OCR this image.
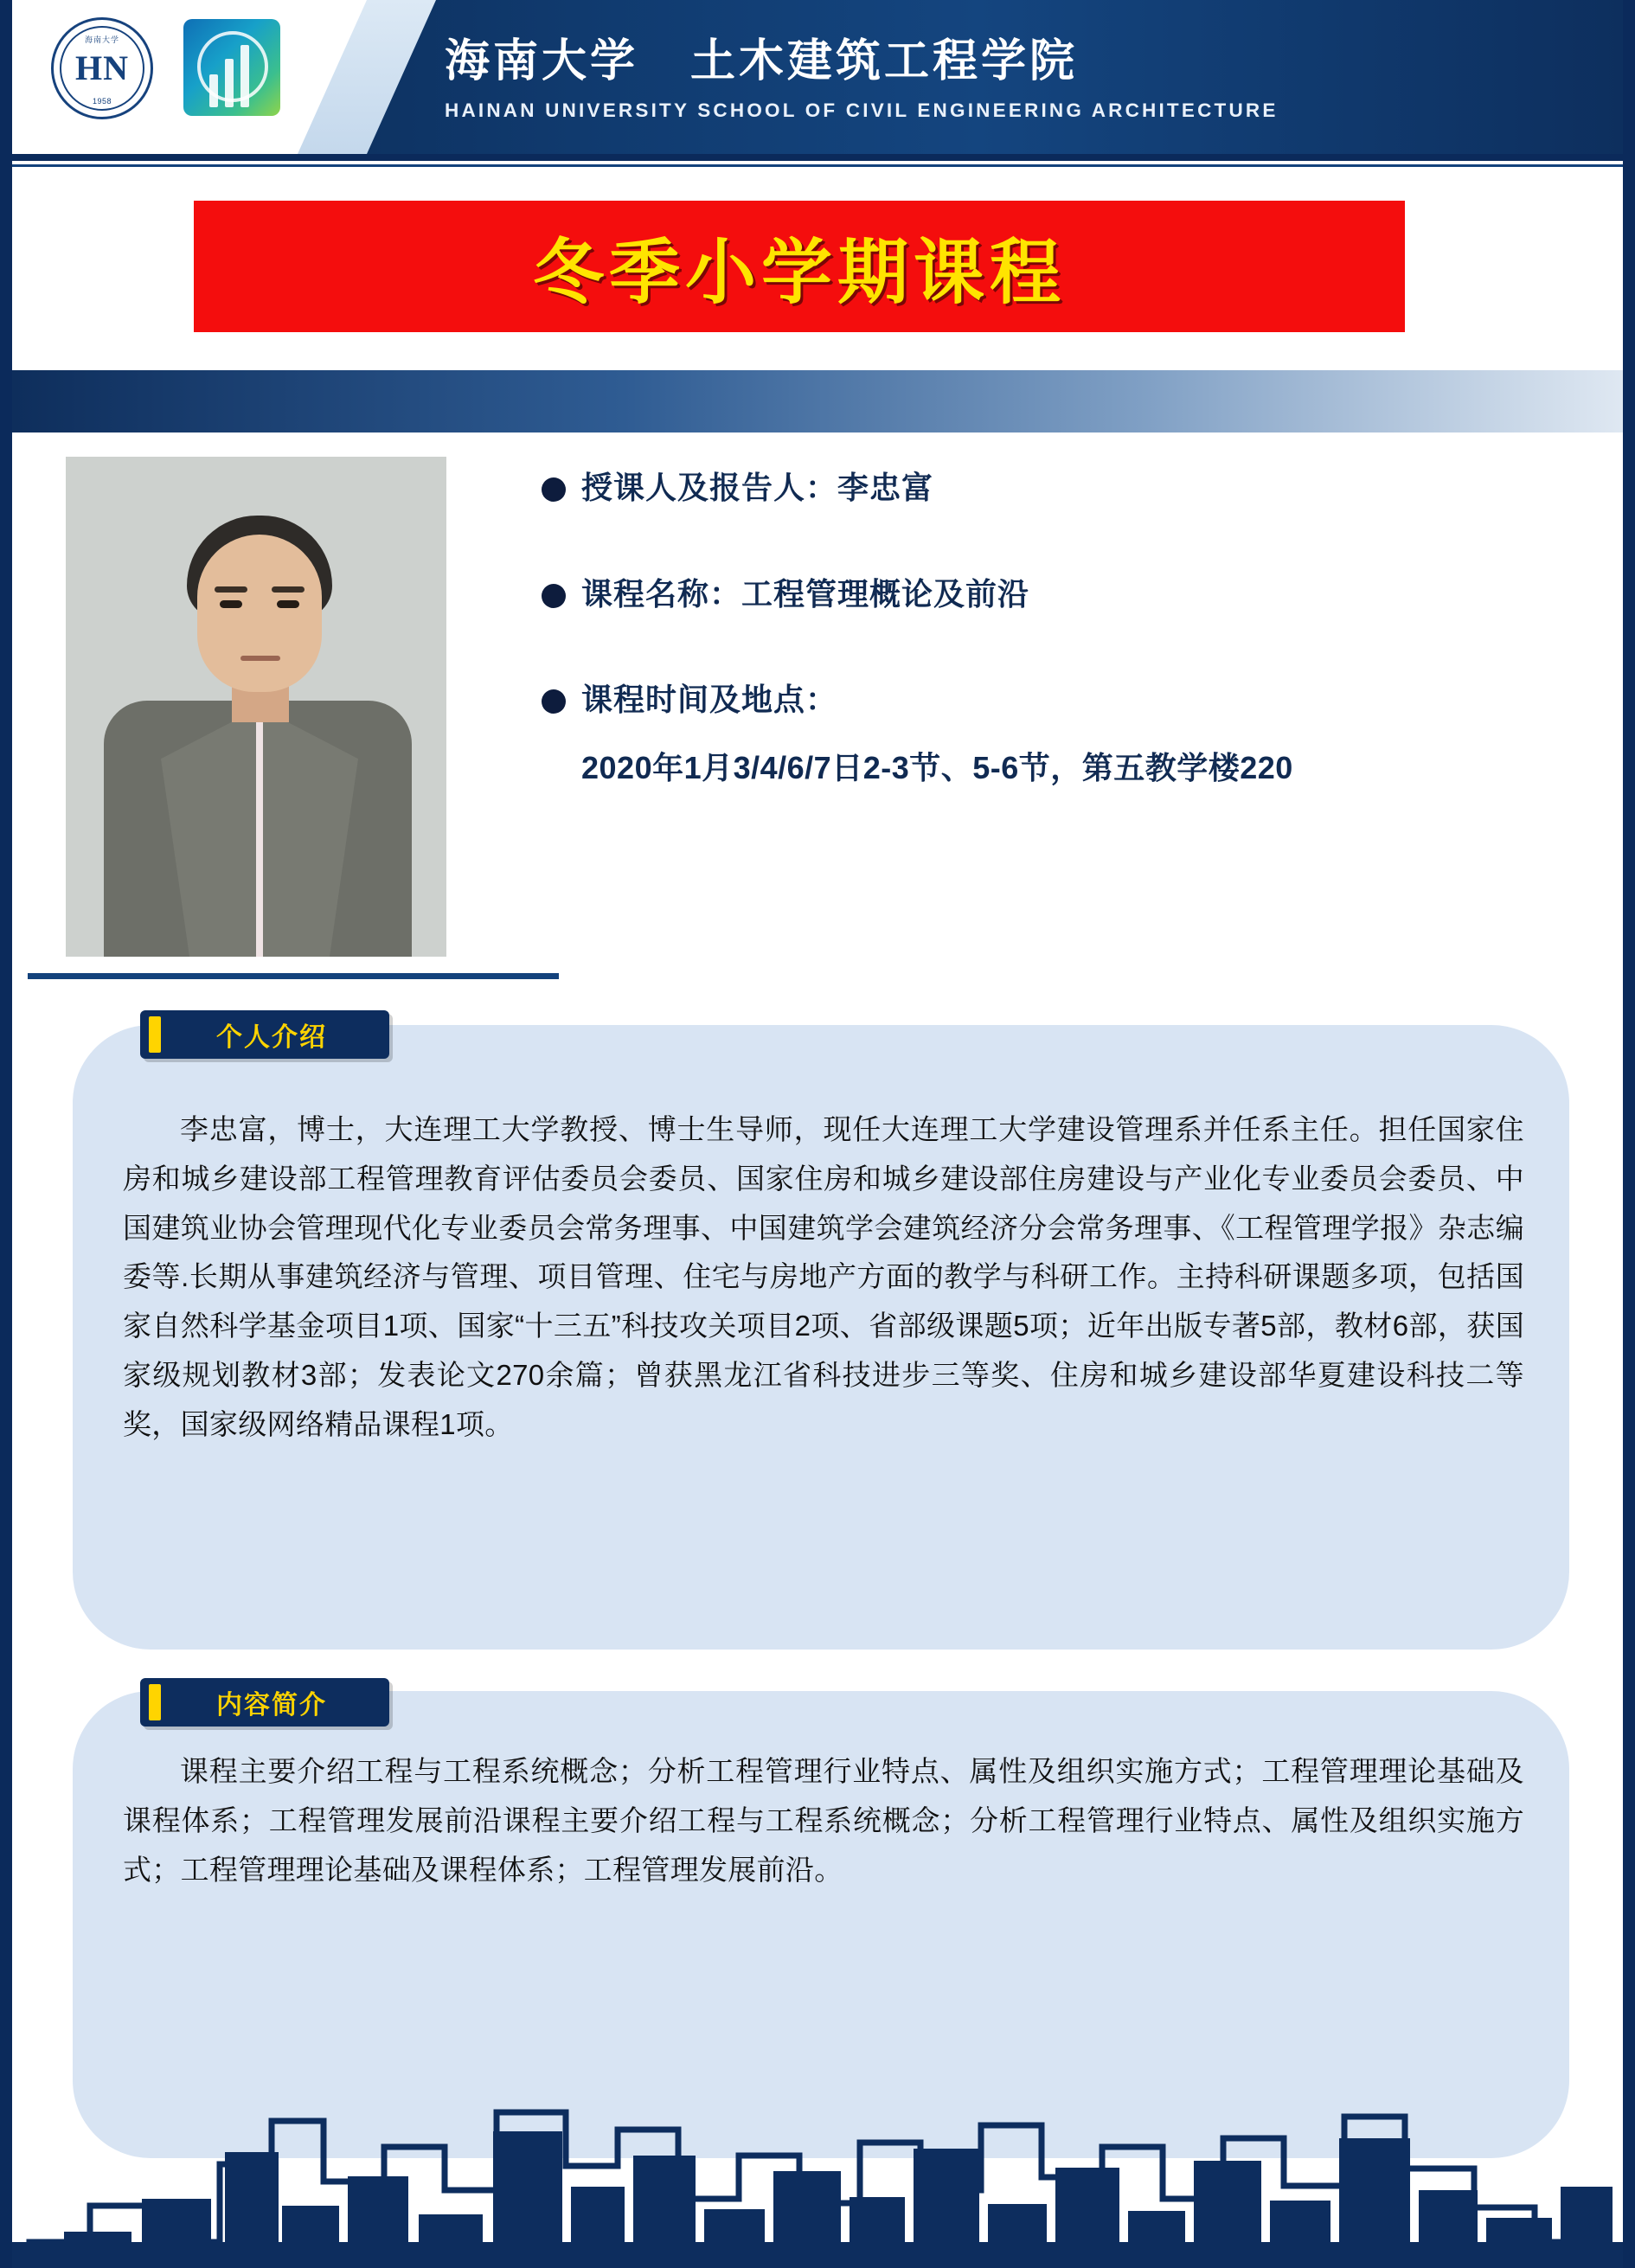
海南大学
HN
1958
海南大学 土木建筑工程学院
HAINAN UNIVERSITY SCHOOL OF CIVIL ENGINEERING ARCHITECTURE
冬季小学期课程
授课人及报告人：李忠富
课程名称：工程管理概论及前沿
课程时间及地点：
2020年1月3/4/6/7日2-3节、5-6节，第五教学楼220
个人介绍

李忠富，博士，大连理工大学教授、博士生导师，现任大连理工大学建设管理系并任系主任。担任国家住房和城乡建设部工程管理教育评估委员会委员、国家住房和城乡建设部住房建设与产业化专业委员会委员、中国建筑业协会管理现代化专业委员会常务理事、中国建筑学会建筑经济分会常务理事、《工程管理学报》杂志编委等.长期从事建筑经济与管理、项目管理、住宅与房地产方面的教学与科研工作。主持科研课题多项，包括国家自然科学基金项目1项、国家“十三五”科技攻关项目2项、省部级课题5项；近年出版专著5部，教材6部，获国家级规划教材3部；发表论文270余篇；曾获黑龙江省科技进步三等奖、住房和城乡建设部华夏建设科技二等奖，国家级网络精品课程1项。

内容简介

课程主要介绍工程与工程系统概念；分析工程管理行业特点、属性及组织实施方式；工程管理理论基础及课程体系；工程管理发展前沿课程主要介绍工程与工程系统概念；分析工程管理行业特点、属性及组织实施方式；工程管理理论基础及课程体系；工程管理发展前沿。
